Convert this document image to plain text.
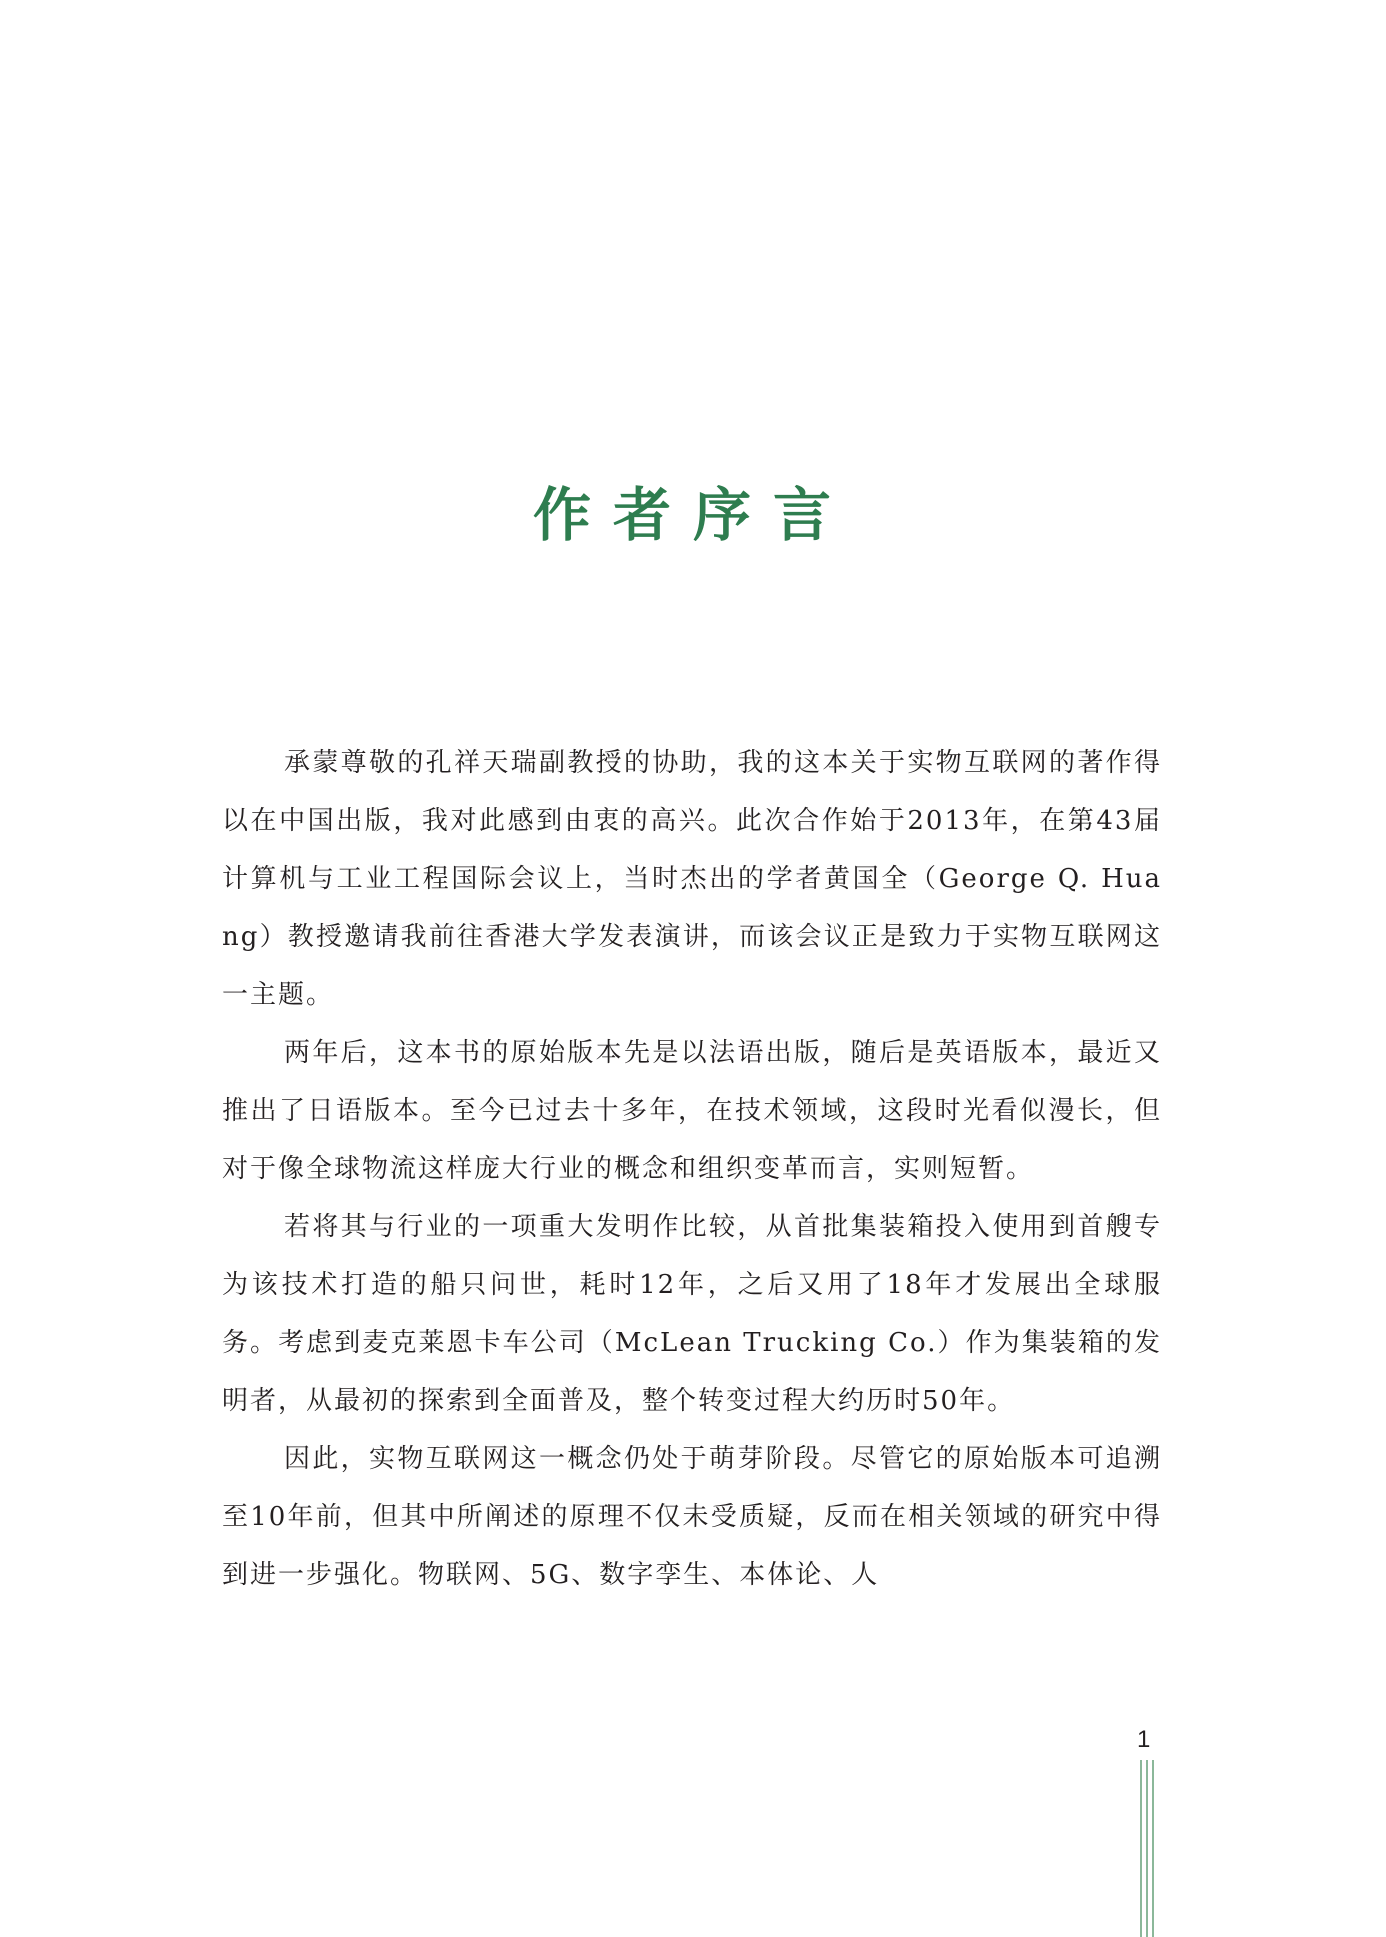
作者序言

承蒙尊敬的孔祥天瑞副教授的协助，我的这本关于实物互联网的著作得以在中国出版，我对此感到由衷的高兴。此次合作始于2013年，在第43届计算机与工业工程国际会议上，当时杰出的学者黄国全（George Q. Huang）教授邀请我前往香港大学发表演讲，而该会议正是致力于实物互联网这一主题。

两年后，这本书的原始版本先是以法语出版，随后是英语版本，最近又推出了日语版本。至今已过去十多年，在技术领域，这段时光看似漫长，但对于像全球物流这样庞大行业的概念和组织变革而言，实则短暂。

若将其与行业的一项重大发明作比较，从首批集装箱投入使用到首艘专为该技术打造的船只问世，耗时12年，之后又用了18年才发展出全球服务。考虑到麦克莱恩卡车公司（McLean Trucking Co.）作为集装箱的发明者，从最初的探索到全面普及，整个转变过程大约历时50年。

因此，实物互联网这一概念仍处于萌芽阶段。尽管它的原始版本可追溯至10年前，但其中所阐述的原理不仅未受质疑，反而在相关领域的研究中得到进一步强化。物联网、5G、数字孪生、本体论、人

1
